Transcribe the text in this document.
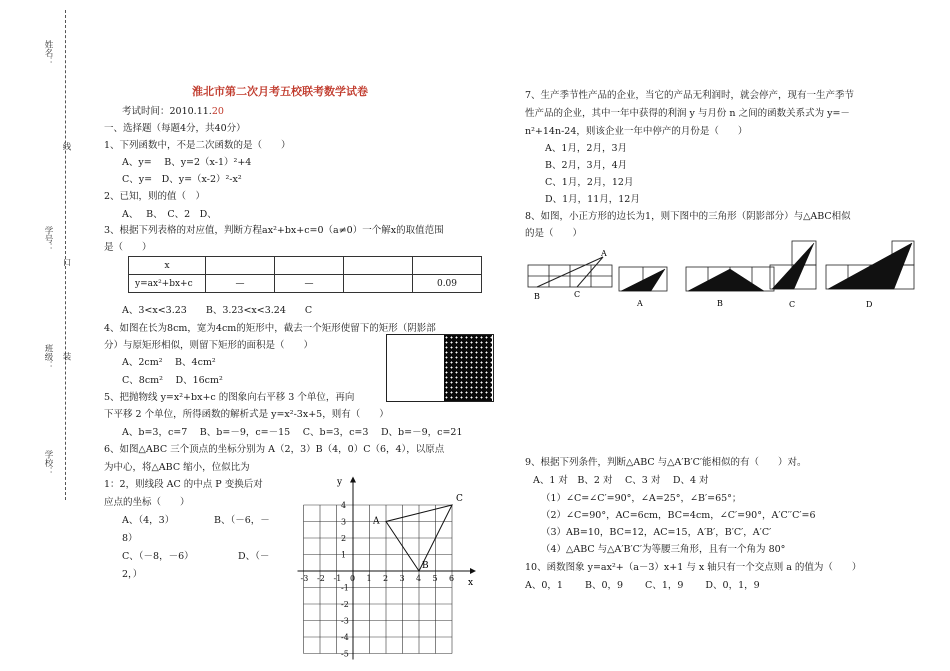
姓名：
线
学号：
口
班级： 装
学校：
淮北市第二次月考五校联考数学试卷
考试时间：2010.11.20
一、选择题（每题4分，共40分）
1、下列函数中，不是二次函数的是（　　）
A、y=　 B、y=2（x-1）²+4
C、y=　D、y=（x-2）²-x²
2、已知，则的值（　）
A、　 B、　C、2　D、
3、根据下列表格的对应值，判断方程ax²+bx+c=0（a≠0）一个解x的取值范围
是（　　）
x				
y=ax²+bx+c	—	—		0.09
A、3<x<3.23　　B、3.23<x<3.24　　C
4、如图在长为8cm，宽为4cm的矩形中，截去一个矩形使留下的矩形（阴影部
分）与原矩形相似，则留下矩形的面积是（　　）
A、2cm²　 B、4cm²
C、8cm²　 D、16cm²
5、把抛物线 y=x²+bx+c 的图象向右平移 3 个单位，再向
下平移 2 个单位，所得函数的解析式是 y=x²-3x+5，则有（　　）
A、b=3，c=7　 B、b=－9，c=－15　 C、b=3，c=3　 D、b=－9，c=21
6、如图△ABC 三个顶点的坐标分别为 A（2，3）B（4，0）C（6，4），以原点
为中心，将△ABC 缩小，位似比为
1：2，则线段 AC 的中点 P 变换后对
应点的坐标（　　）
A、（4，3）	B、（－6，－
8）
C、（－8，－6）	D、（－
2，）	-3 -2 -1 0 1 2 3 4 5 6
4
3
2
1
-1
-2
-3
-4
-5
x
y
A
B
C
7、生产季节性产品的企业，当它的产品无利润时，就会停产，现有一生产季节
性产品的企业，其中一年中获得的利润 y 与月份 n 之间的函数关系式为 y=－
n²+14n-24，则该企业一年中停产的月份是（　　）
A、1月，2月，3月
B、2月，3月，4月
C、1月，2月，12月
D、1月，11月，12月
8、如图，小正方形的边长为1，则下图中的三角形（阴影部分）与△ABC相似
的是（　　）
A
B	C
A	B	C	D
9、根据下列条件，判断△ABC 与△A′B′C′能相似的有（　　）对。
A、1 对　B、2 对　 C、3 对　 D、4 对
（1）∠C=∠C′=90°，∠A=25°，∠B′=65°；
（2）∠C=90°，AC=6cm，BC=4cm，∠C′=90°，A′C′′C′=6
（3）AB=10，BC=12，AC=15，A′B′，B′C′，A′C′
（4）△ABC 与△A′B′C′为等腰三角形，且有一个角为 80°
10、函数图象 y=ax²+（a－3）x+1 与 x 轴只有一个交点则 a 的值为（　　）
A、0，1　　 B、0，9　　 C、1，9　　 D、0，1，9
